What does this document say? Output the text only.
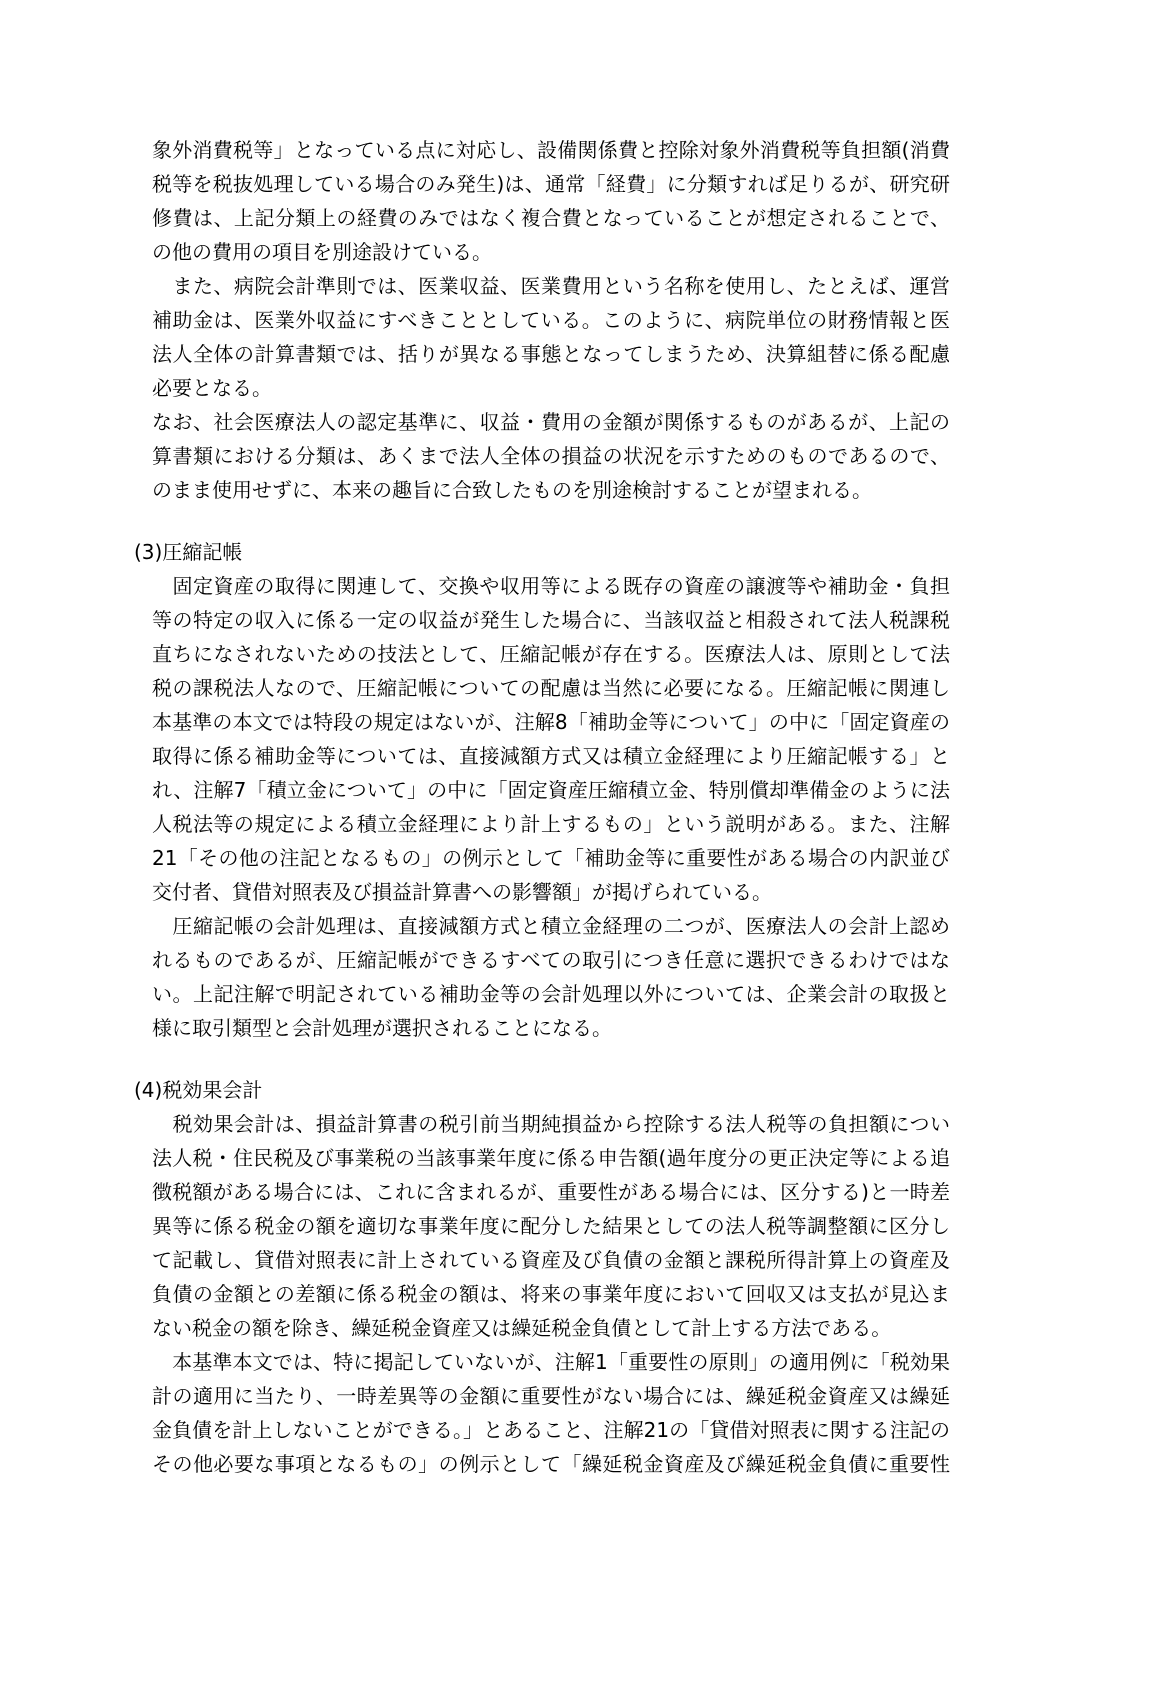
象外消費税等」となっている点に対応し、設備関係費と控除対象外消費税等負担額(消費
税等を税抜処理している場合のみ発生)は、通常「経費」に分類すれば足りるが、研究研
修費は、上記分類上の経費のみではなく複合費となっていることが想定されることで、
の他の費用の項目を別途設けている。
　また、病院会計準則では、医業収益、医業費用という名称を使用し、たとえば、運営
補助金は、医業外収益にすべきこととしている。このように、病院単位の財務情報と医
法人全体の計算書類では、括りが異なる事態となってしまうため、決算組替に係る配慮
必要となる。
なお、社会医療法人の認定基準に、収益・費用の金額が関係するものがあるが、上記の
算書類における分類は、あくまで法人全体の損益の状況を示すためのものであるので、
のまま使用せずに、本来の趣旨に合致したものを別途検討することが望まれる。
(3)圧縮記帳
　固定資産の取得に関連して、交換や収用等による既存の資産の譲渡等や補助金・負担
等の特定の収入に係る一定の収益が発生した場合に、当該収益と相殺されて法人税課税
直ちになされないための技法として、圧縮記帳が存在する。医療法人は、原則として法
税の課税法人なので、圧縮記帳についての配慮は当然に必要になる。圧縮記帳に関連し
本基準の本文では特段の規定はないが、注解8「補助金等について」の中に「固定資産の
取得に係る補助金等については、直接減額方式又は積立金経理により圧縮記帳する」と
れ、注解7「積立金について」の中に「固定資産圧縮積立金、特別償却準備金のように法
人税法等の規定による積立金経理により計上するもの」という説明がある。また、注解
21「その他の注記となるもの」の例示として「補助金等に重要性がある場合の内訳並び
交付者、貸借対照表及び損益計算書への影響額」が掲げられている。
　圧縮記帳の会計処理は、直接減額方式と積立金経理の二つが、医療法人の会計上認め
れるものであるが、圧縮記帳ができるすべての取引につき任意に選択できるわけではな
い。上記注解で明記されている補助金等の会計処理以外については、企業会計の取扱と
様に取引類型と会計処理が選択されることになる。
(4)税効果会計
　税効果会計は、損益計算書の税引前当期純損益から控除する法人税等の負担額につい
法人税・住民税及び事業税の当該事業年度に係る申告額(過年度分の更正決定等による追
徴税額がある場合には、これに含まれるが、重要性がある場合には、区分する)と一時差
異等に係る税金の額を適切な事業年度に配分した結果としての法人税等調整額に区分し
て記載し、貸借対照表に計上されている資産及び負債の金額と課税所得計算上の資産及
負債の金額との差額に係る税金の額は、将来の事業年度において回収又は支払が見込ま
ない税金の額を除き、繰延税金資産又は繰延税金負債として計上する方法である。
　本基準本文では、特に掲記していないが、注解1「重要性の原則」の適用例に「税効果
計の適用に当たり、一時差異等の金額に重要性がない場合には、繰延税金資産又は繰延
金負債を計上しないことができる。」とあること、注解21の「貸借対照表に関する注記の
その他必要な事項となるもの」の例示として「繰延税金資産及び繰延税金負債に重要性
